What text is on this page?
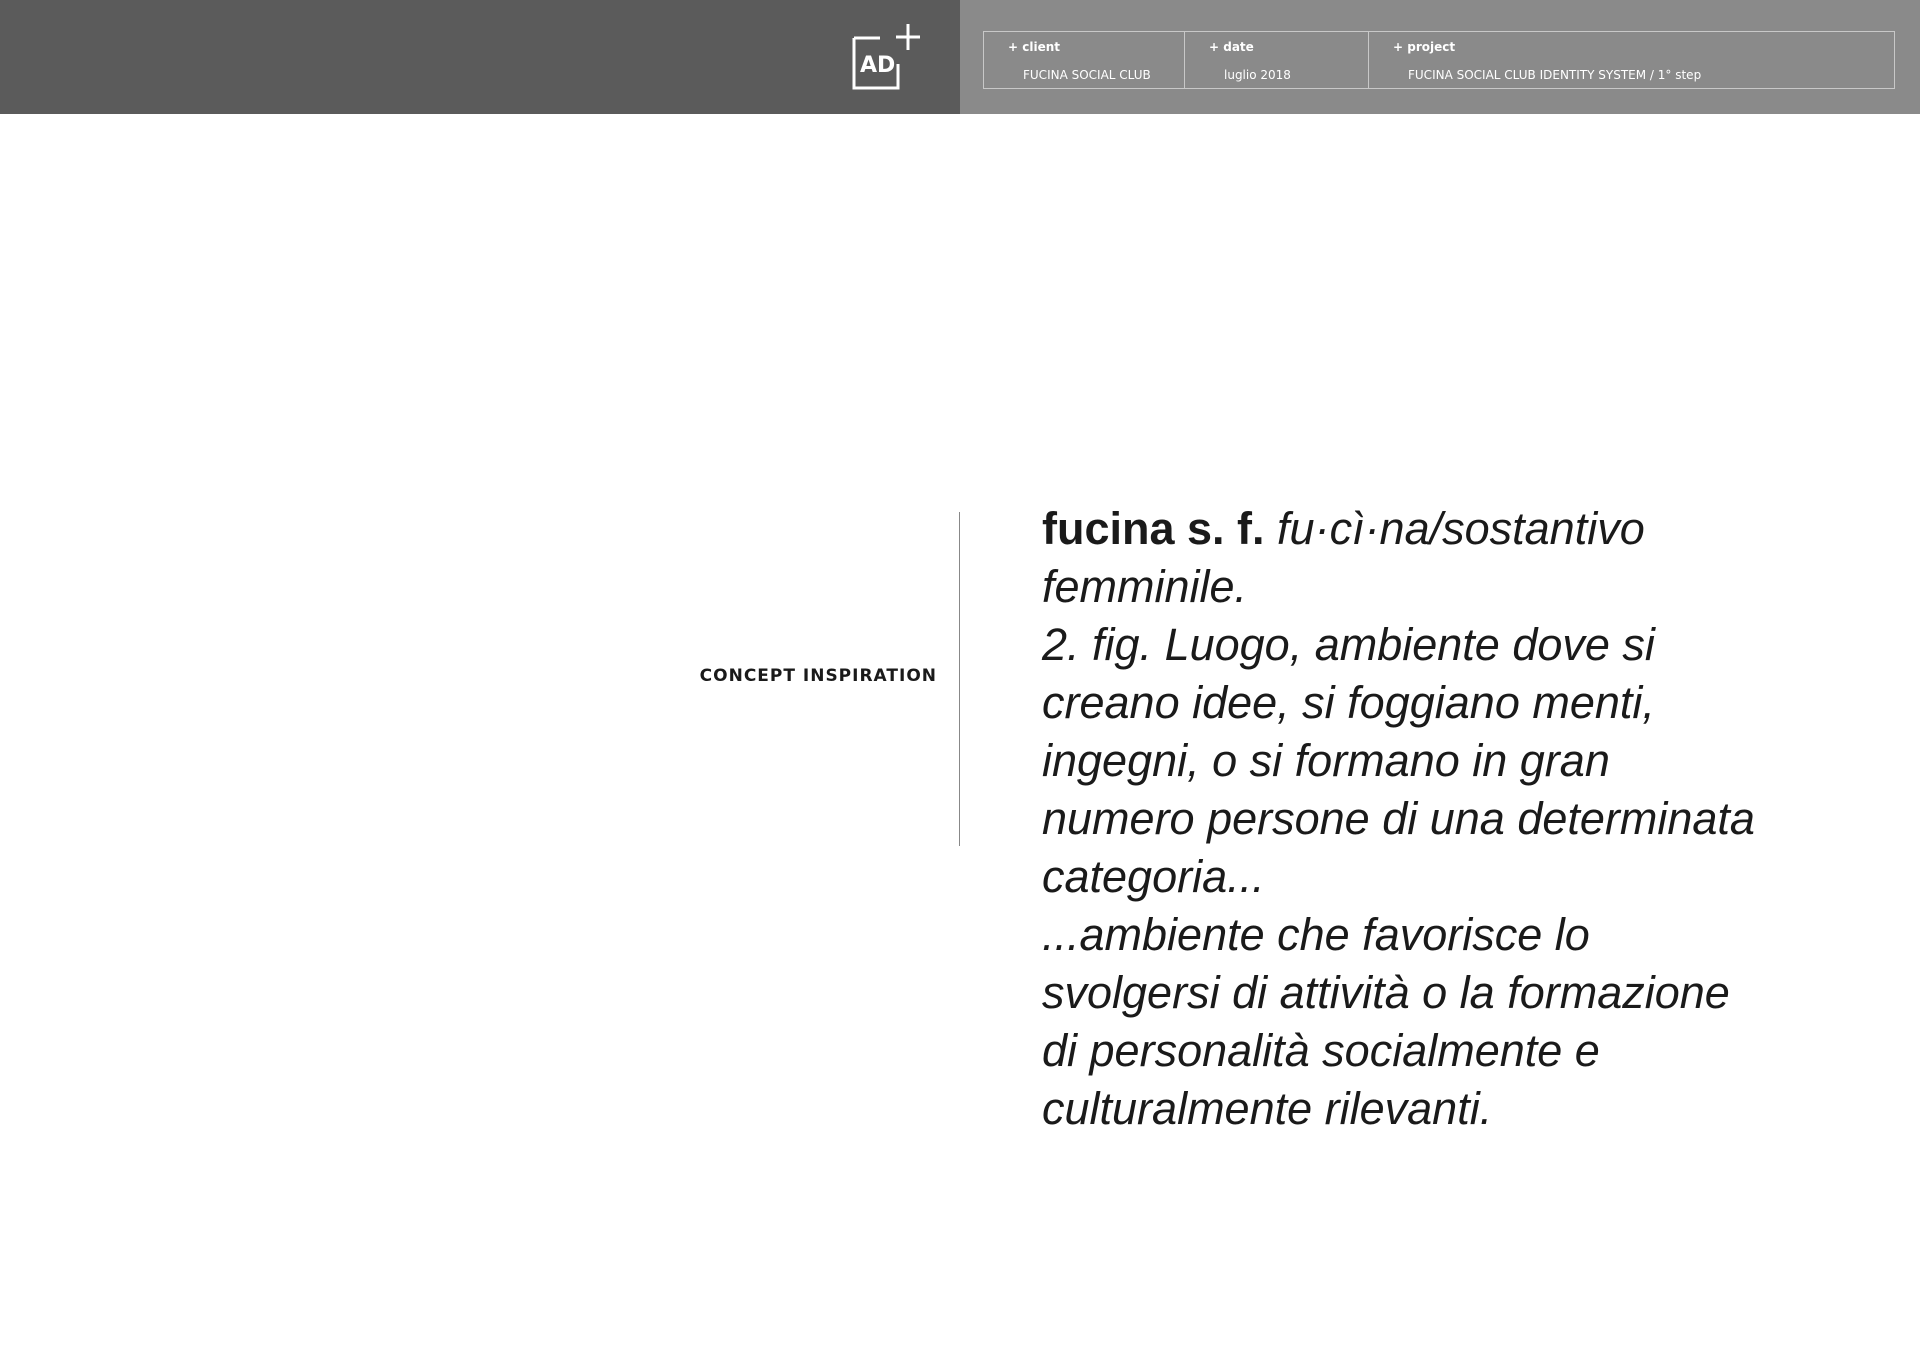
AD
+ client
FUCINA SOCIAL CLUB
+ date
luglio 2018
+ project
FUCINA SOCIAL CLUB IDENTITY SYSTEM / 1° step
CONCEPT INSPIRATION
fucina s. f. fu·cì·na/sostantivo
femminile.
2. fig. Luogo, ambiente dove si
creano idee, si foggiano menti,
ingegni, o si formano in gran
numero persone di una determinata
categoria...
...ambiente che favorisce lo
svolgersi di attività o la formazione
di personalità socialmente e
culturalmente rilevanti.
